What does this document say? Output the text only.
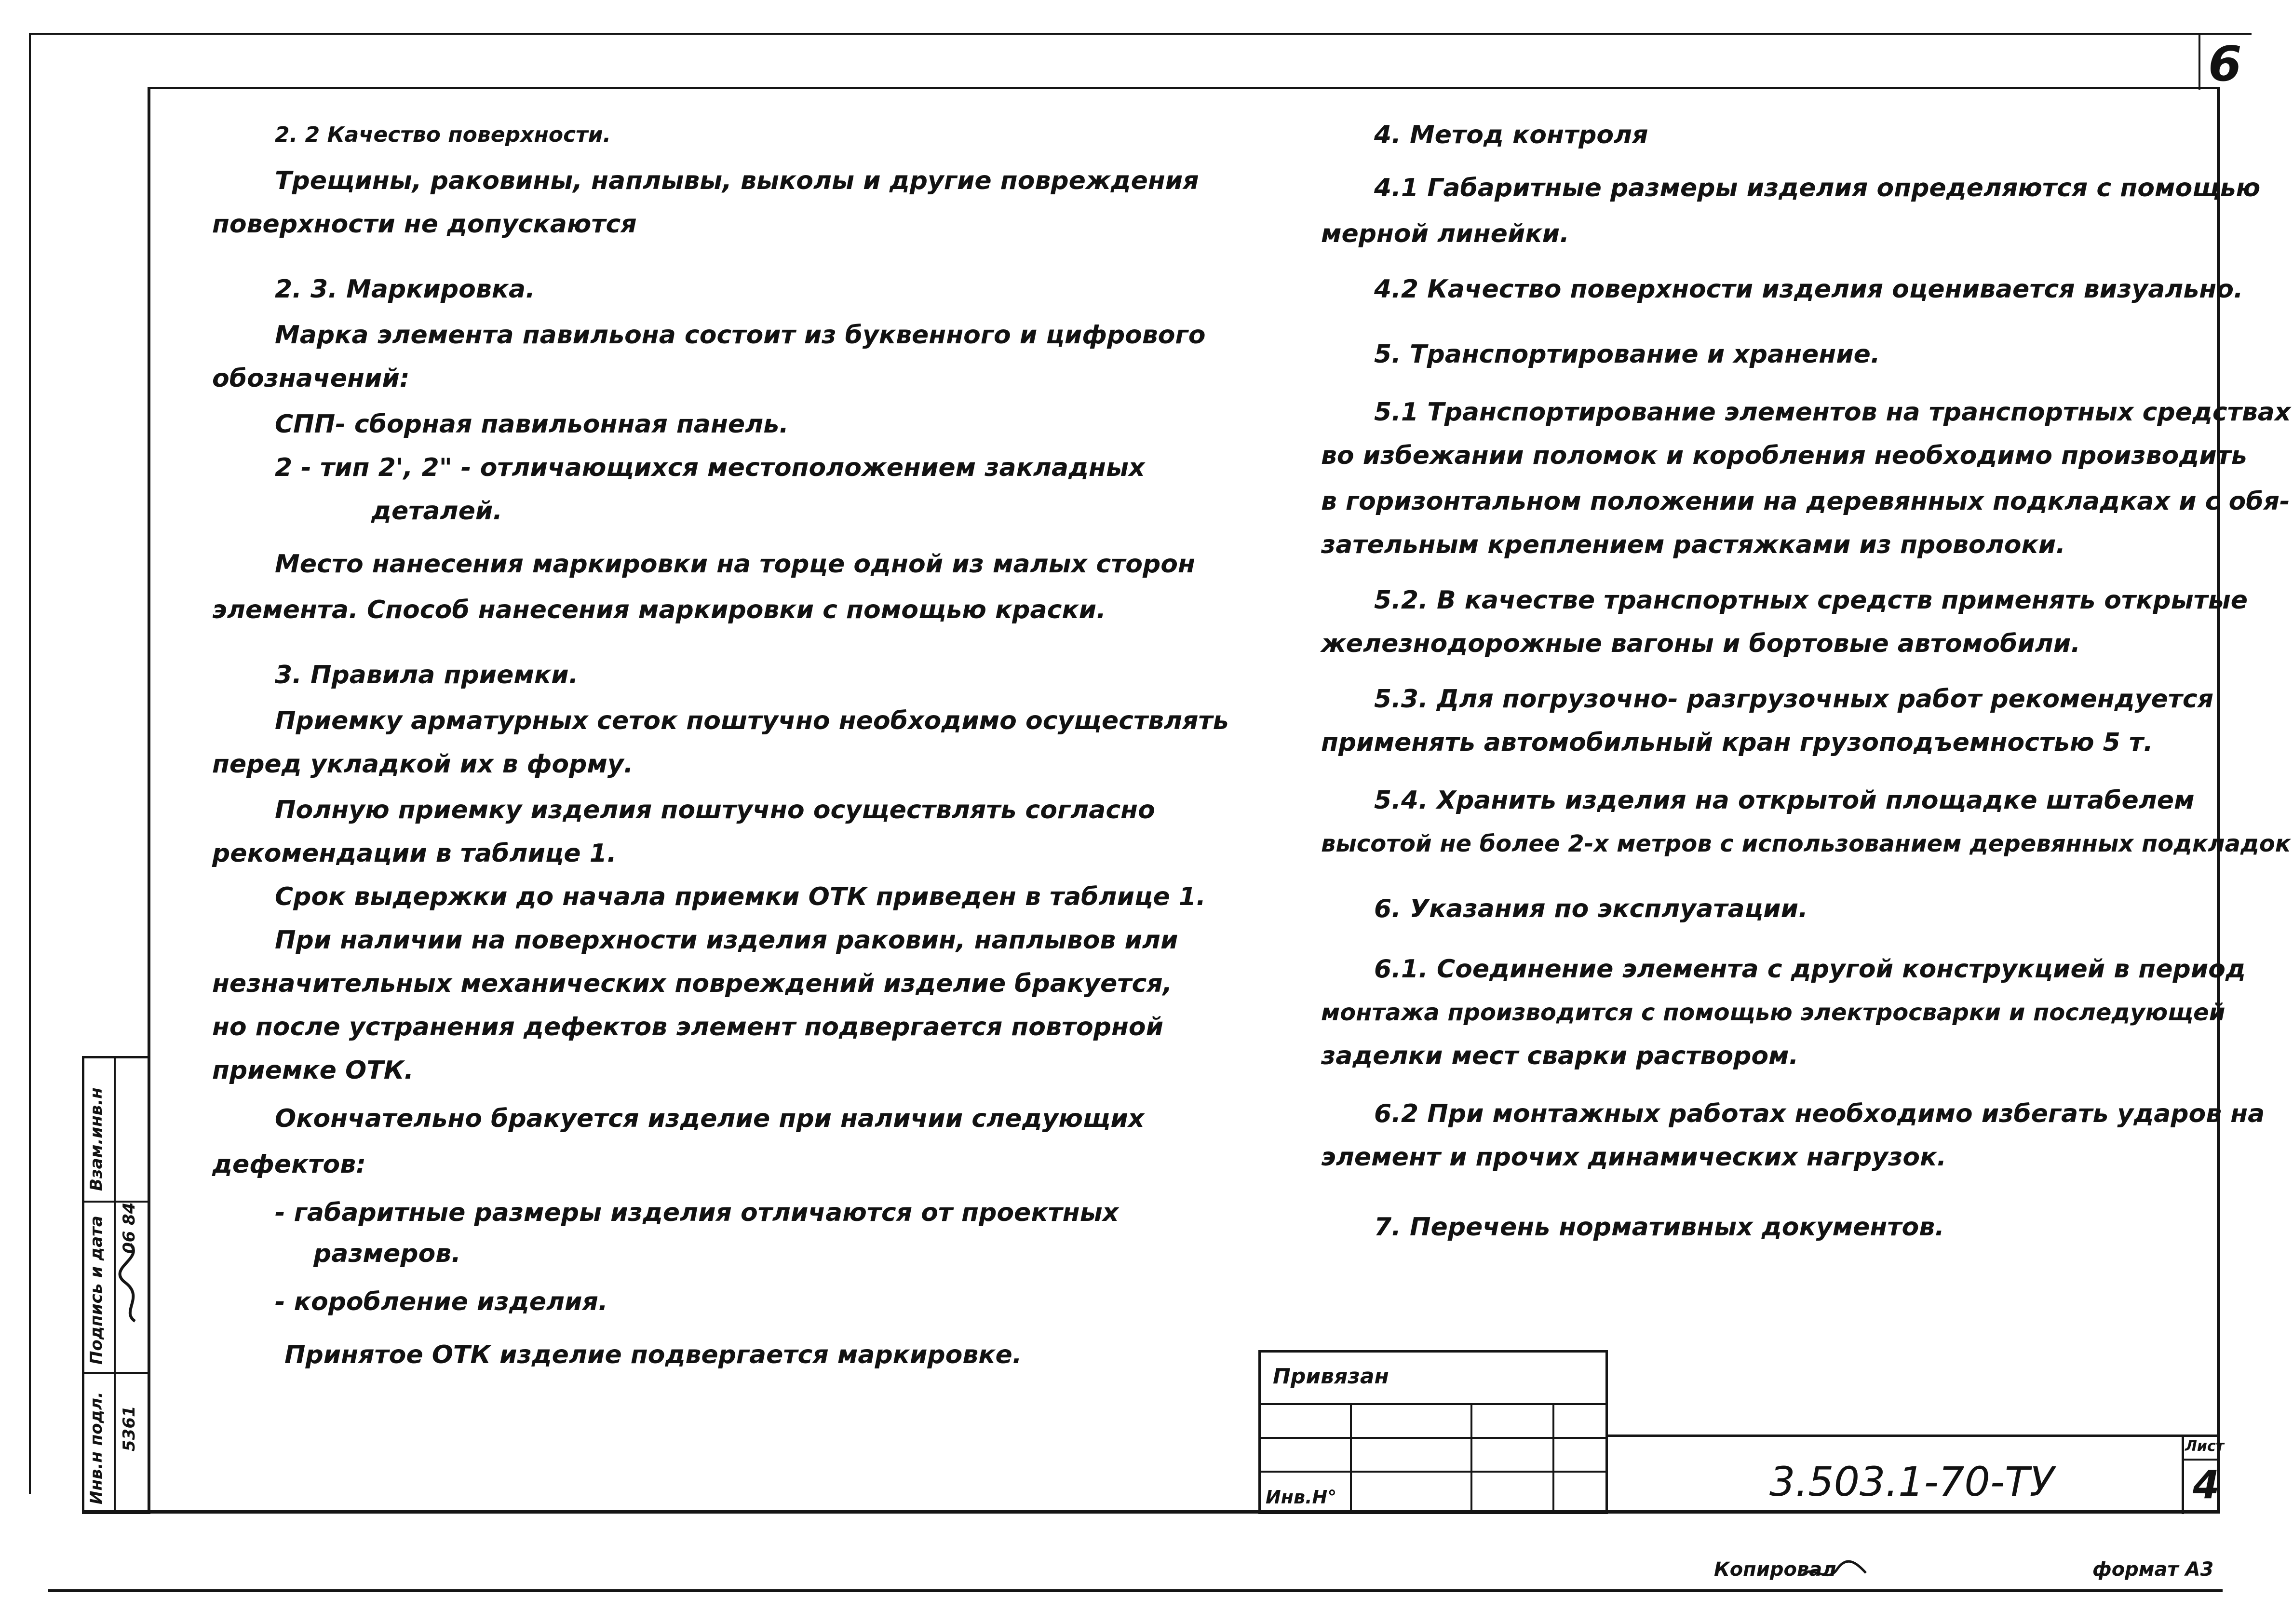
6
Взам.инв.н
Подпись и дата 06 84
Инв.н подл. 5361
2. 2 Качество поверхности.
Трещины, раковины, наплывы, выколы и другие повреждения
поверхности не допускаются
2. 3. Маркировка.
Марка элемента павильона состоит из буквенного и цифрового
обозначений:
СПП- сборная павильонная панель.
2 - тип 2', 2" - отличающихся местоположением закладных
деталей.
Место нанесения маркировки на торце одной из малых сторон
элемента. Способ нанесения маркировки с помощью краски.
3. Правила приемки.
Приемку арматурных сеток поштучно необходимо осуществлять
перед укладкой их в форму.
Полную приемку изделия поштучно осуществлять согласно
рекомендации в таблице 1.
Срок выдержки до начала приемки ОТК приведен в таблице 1.
При наличии на поверхности изделия раковин, наплывов или
незначительных механических повреждений изделие бракуется,
но после устранения дефектов элемент подвергается повторной
приемке ОТК.
Окончательно бракуется изделие при наличии следующих
дефектов:
- габаритные размеры изделия отличаются от проектных
размеров.
- коробление изделия.
Принятое ОТК изделие подвергается маркировке.
4. Метод контроля
4.1 Габаритные размеры изделия определяются с помощью
мерной линейки.
4.2 Качество поверхности изделия оценивается визуально.
5. Транспортирование и хранение.
5.1 Транспортирование элементов на транспортных средствах
во избежании поломок и коробления необходимо производить
в горизонтальном положении на деревянных подкладках и с обя-
зательным креплением растяжками из проволоки.
5.2. В качестве транспортных средств применять открытые
железнодорожные вагоны и бортовые автомобили.
5.3. Для погрузочно- разгрузочных работ рекомендуется
применять автомобильный кран грузоподъемностью 5 т.
5.4. Хранить изделия на открытой площадке штабелем
высотой не более 2-х метров с использованием деревянных подкладок
6. Указания по эксплуатации.
6.1. Соединение элемента с другой конструкцией в период
монтажа производится с помощью электросварки и последующей
заделки мест сварки раствором.
6.2 При монтажных работах необходимо избегать ударов на
элемент и прочих динамических нагрузок.
7. Перечень нормативных документов.
Привязан
Инв.Н°	3.503.1-70-ТУ
Лист
4
Копировал	формат А3
